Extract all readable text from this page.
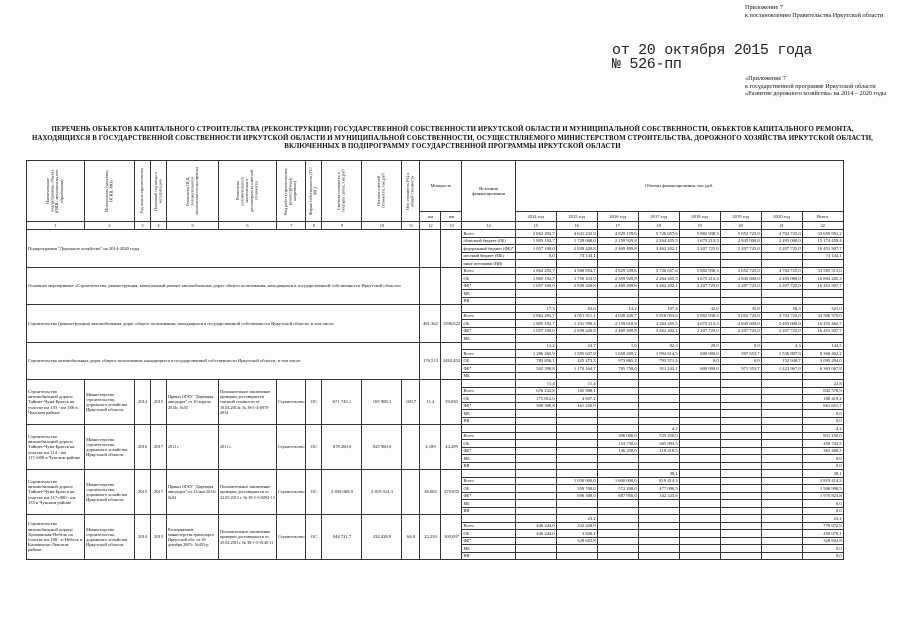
Приложение 7
к постановлению Правительства Иркутской области
от 20 октября 2015 года
№ 526-пп
«Приложение 7
к государственной программе Иркутской области
«Развитие дорожного хозяйства» на 2014 – 2020 годы
ПЕРЕЧЕНЬ ОБЪЕКТОВ КАПИТАЛЬНОГО СТРОИТЕЛЬСТВА (РЕКОНСТРУКЦИИ) ГОСУДАРСТВЕННОЙ СОБСТВЕННОСТИ ИРКУТСКОЙ ОБЛАСТИ И МУНИЦИПАЛЬНОЙ СОБСТВЕННОСТИ, ОБЪЕКТОВ КАПИТАЛЬНОГО РЕМОНТА, НАХОДЯЩИХСЯ В ГОСУДАРСТВЕННОЙ СОБСТВЕННОСТИ ИРКУТСКОЙ ОБЛАСТИ И МУНИЦИПАЛЬНОЙ СОБСТВЕННОСТИ, ОСУЩЕСТВЛЯЕМОГО МИНИСТЕРСТВОМ СТРОИТЕЛЬСТВА, ДОРОЖНОГО ХОЗЯЙСТВА ИРКУТСКОЙ ОБЛАСТИ, ВКЛЮЧЕННЫХ В ПОДПРОГРАММУ ГОСУДАРСТВЕННОЙ ПРОГРАММЫ ИРКУТСКОЙ ОБЛАСТИ
Наименование подпрограммы, объекта (ОИВ / муниципального образования)	Исполнитель (заказчик, ОГИВ, МО)	Год начала строительства	Плановый год ввода в эксплуатацию	Реквизиты ПСД, положительного заключения госэкспертизы	Реквизиты положительного заключения о достоверности сметной стоимости	Вид работ (строительство, реконструкция, капремонт)	Форма собственности (ГС/МС)	Сметная стоимость в текущих ценах, тыс.руб	Остаток сметной стоимости, тыс.руб	Ост. стоимость (%) к общей стоимости	Мощность		Источник финансирования	Объемы финансирования, тыс.руб.							
											км	пм		2014 год	2015 год	2016 год	2017 год	2018 год	2019 год	2020 год	Всего
1	2	3	4	5	6	7	8	9	10	11	12	13	14	15	16	17	18	19	20	21	22
Подпрограмма "Дорожное хозяйство" на 2014-2020 годы													Всего	2 862 292,7	4 641 232,9	4 829 159,6	5 726 657,6	5 882 938,3	5 052 725,0	4 702 725,0	33 659 991,2
													областной бюджет (ОБ)	1 805 192,7	1 729 068,0	2 159 929,8	2 264 455,5	1 675 213,3	2 845 000,0	2 495 000,0	15 174 459,4
													федеральный бюджет (ФБ)*	1 057 100,0	2 839 420,8	2 469 409,8	3 462 202,1	2 207 725,0	2 207 725,0	2 207 725,0	16 451 307,7
													местный бюджет (МБ)	0,0	74 144,1						74 144,1
													иные источники (ИИ)								
Основное мероприятие «Строительство, реконструкция, капитальный ремонт автомобильных дорог общего пользования, находящихся в государственной собственности Иркутской области»													Всего	2 862 292,7	4 568 854,7	4 829 339,6	5 726 657,6	5 882 938,3	5 052 725,0	4 702 725,0	33 585 513,0
													ОБ	1 805 192,7	1 759 433,9	2 359 929,8	2 264 455,5	3 675 213,3	2 845 000,0	2 495 000,0	16 804 205,3
													ФБ*	1 057 100,0	2 839 420,8	2 469 409,8	3 462 202,1	2 207 725,0	2 207 725,0	2 207 725,0	16 451 307,7
													МБ								
													ИИ								
Строительство (реконструкция) автомобильных дорог общего пользования, находящихся в государственной собственности Иркутской области, в том числе											481,362	1596,022		17,3	63,6	14,2	107,4	42,6	35,8	56,3	321,0
													Всего	2 862 292,7	4 051 011,1	4 028 420,7	5 916 053,6	5 882 938,3	5 052 725,0	4 702 725,0	32 506 370,0
													ОБ	1 805 192,7	1 231 590,3	2 159 010,9	2 264 455,5	3 675 213,3	2 845 000,0	2 495 000,0	16 455 462,7
													ФБ*	1 057 100,0	2 839 420,8	2 469 409,8	3 462 202,1	2 207 725,0	2 207 725,0	2 207 725,0	16 451 307,7
													МБ								
Строительство автомобильных дорог общего пользования, находящихся в государственной собственности Иркутской области, в том числе											176,513	2482,452		12,2	24,7	1,0	82,3	20,0	0,0	4,3	144,5
													Всего	1 286 265,9	1 595 637,9	1 659 269,2	1 994 614,5	600 000,0	597 553,7	1 536 807,9	8 366 462,2
													ОБ	783 856,1	425 473,3	973 865,2	793 571,4	0,0	0,0	152 940,7	3 095 294,0
													ФБ*	502 398,8	1 170 164,7	785 750,0	911 243,1	600 000,0	971 553,7	1 423 967,0	6 363 067,9
													МБ								
Строительство автомобильной дороги Тайшет-Чуна-Братск на участке км 133 - км 166 в Чунском районе	Министерство строительства, дорожного хозяйства Иркутской области	2014	2015	Приказ ОГКУ "Дирекция автодорог" от 10 апреля 2014г. №55	Положительное заключение проверки достоверности сметной стоимости от 10.04.2014г. № 38-1-4-0070-2014	Строительство	ОС	671 743,1	165 908,1	100,7	11,4	59,030		11,4	11,4						22,8
													Всего	676 232,8	165 908,1						842 570,9
													ОБ	175 812,0	4 657,2						180 419,2
													ФБ*	500 390,8	161 250,9						661 651,7
													МБ								0,0
													ИИ								0,0
Строительство автомобильной дороги Тайшет-Чуна-Братск на участке км 114 - км 117+000 в Чунском районе	Министерство строительства, дорожного хозяйства Иркутской области	2016	2017	2011 г.	2011 г.	Строительство	ОС	878 200,0	825 900,0		4,189	44,209					4,2				4,2
													Всего			306 000,0	525 250,0				831 250,0
													ОБ			153 750,0	305 993,5				459 743,5
													ФБ*			146 250,0	219 218,5				365 468,5
													МБ								0,0
													ИИ								0,0
Строительство автомобильной дороги Тайшет-Чуна-Братск на участке км 117+000 - км 155 в Чунском районе	Министерство строительства, дорожного хозяйства Иркутской области	2015	2017	Приказ ОГКУ "Дирекция автодорог" от 23 мая 2013г. №92	Положительное заключение проверки достоверности от 22.05.2013 г. № 38-1-5-0292-13	Строительство	ОС	2 839 069,9	2 819 414,3		38,065	379,035					38,1				38,1
													Всего		1 050 000,0	1 600 000,0	819 414,3				2 819 414,3
													ОБ		359 700,0	572 200,0	477 090,5				1 506 990,5
													ФБ*		690 300,0	687 950,0	342 323,8				1 970 823,8
													МБ								0,0
													ИИ								0,0
Строительство автомобильной дороги Хромовская-Небель на участке км 100 - п.Небель в Казачинско-Ленском районе	Министерство строительства, дорожного хозяйства Иркутской области	2014	2015	Распоряжение министерства транспорта Иркутской обл. от 26 декабря 2007г. №455-р	Положительное заключение проверки достоверности от 25.02.2011г. № 38-1-5-0140-11	Строительство	ОС	944 721,7	332 428,9	64,8	23,230	100,097			23,2						23,2
													Всего	446 244,0	332 428,9						778 672,9
													ОБ	446 244,0	3 826,1						450 070,1
													ФБ*		328 602,8						328 602,8
													МБ								0,0
													ИИ								0,0
